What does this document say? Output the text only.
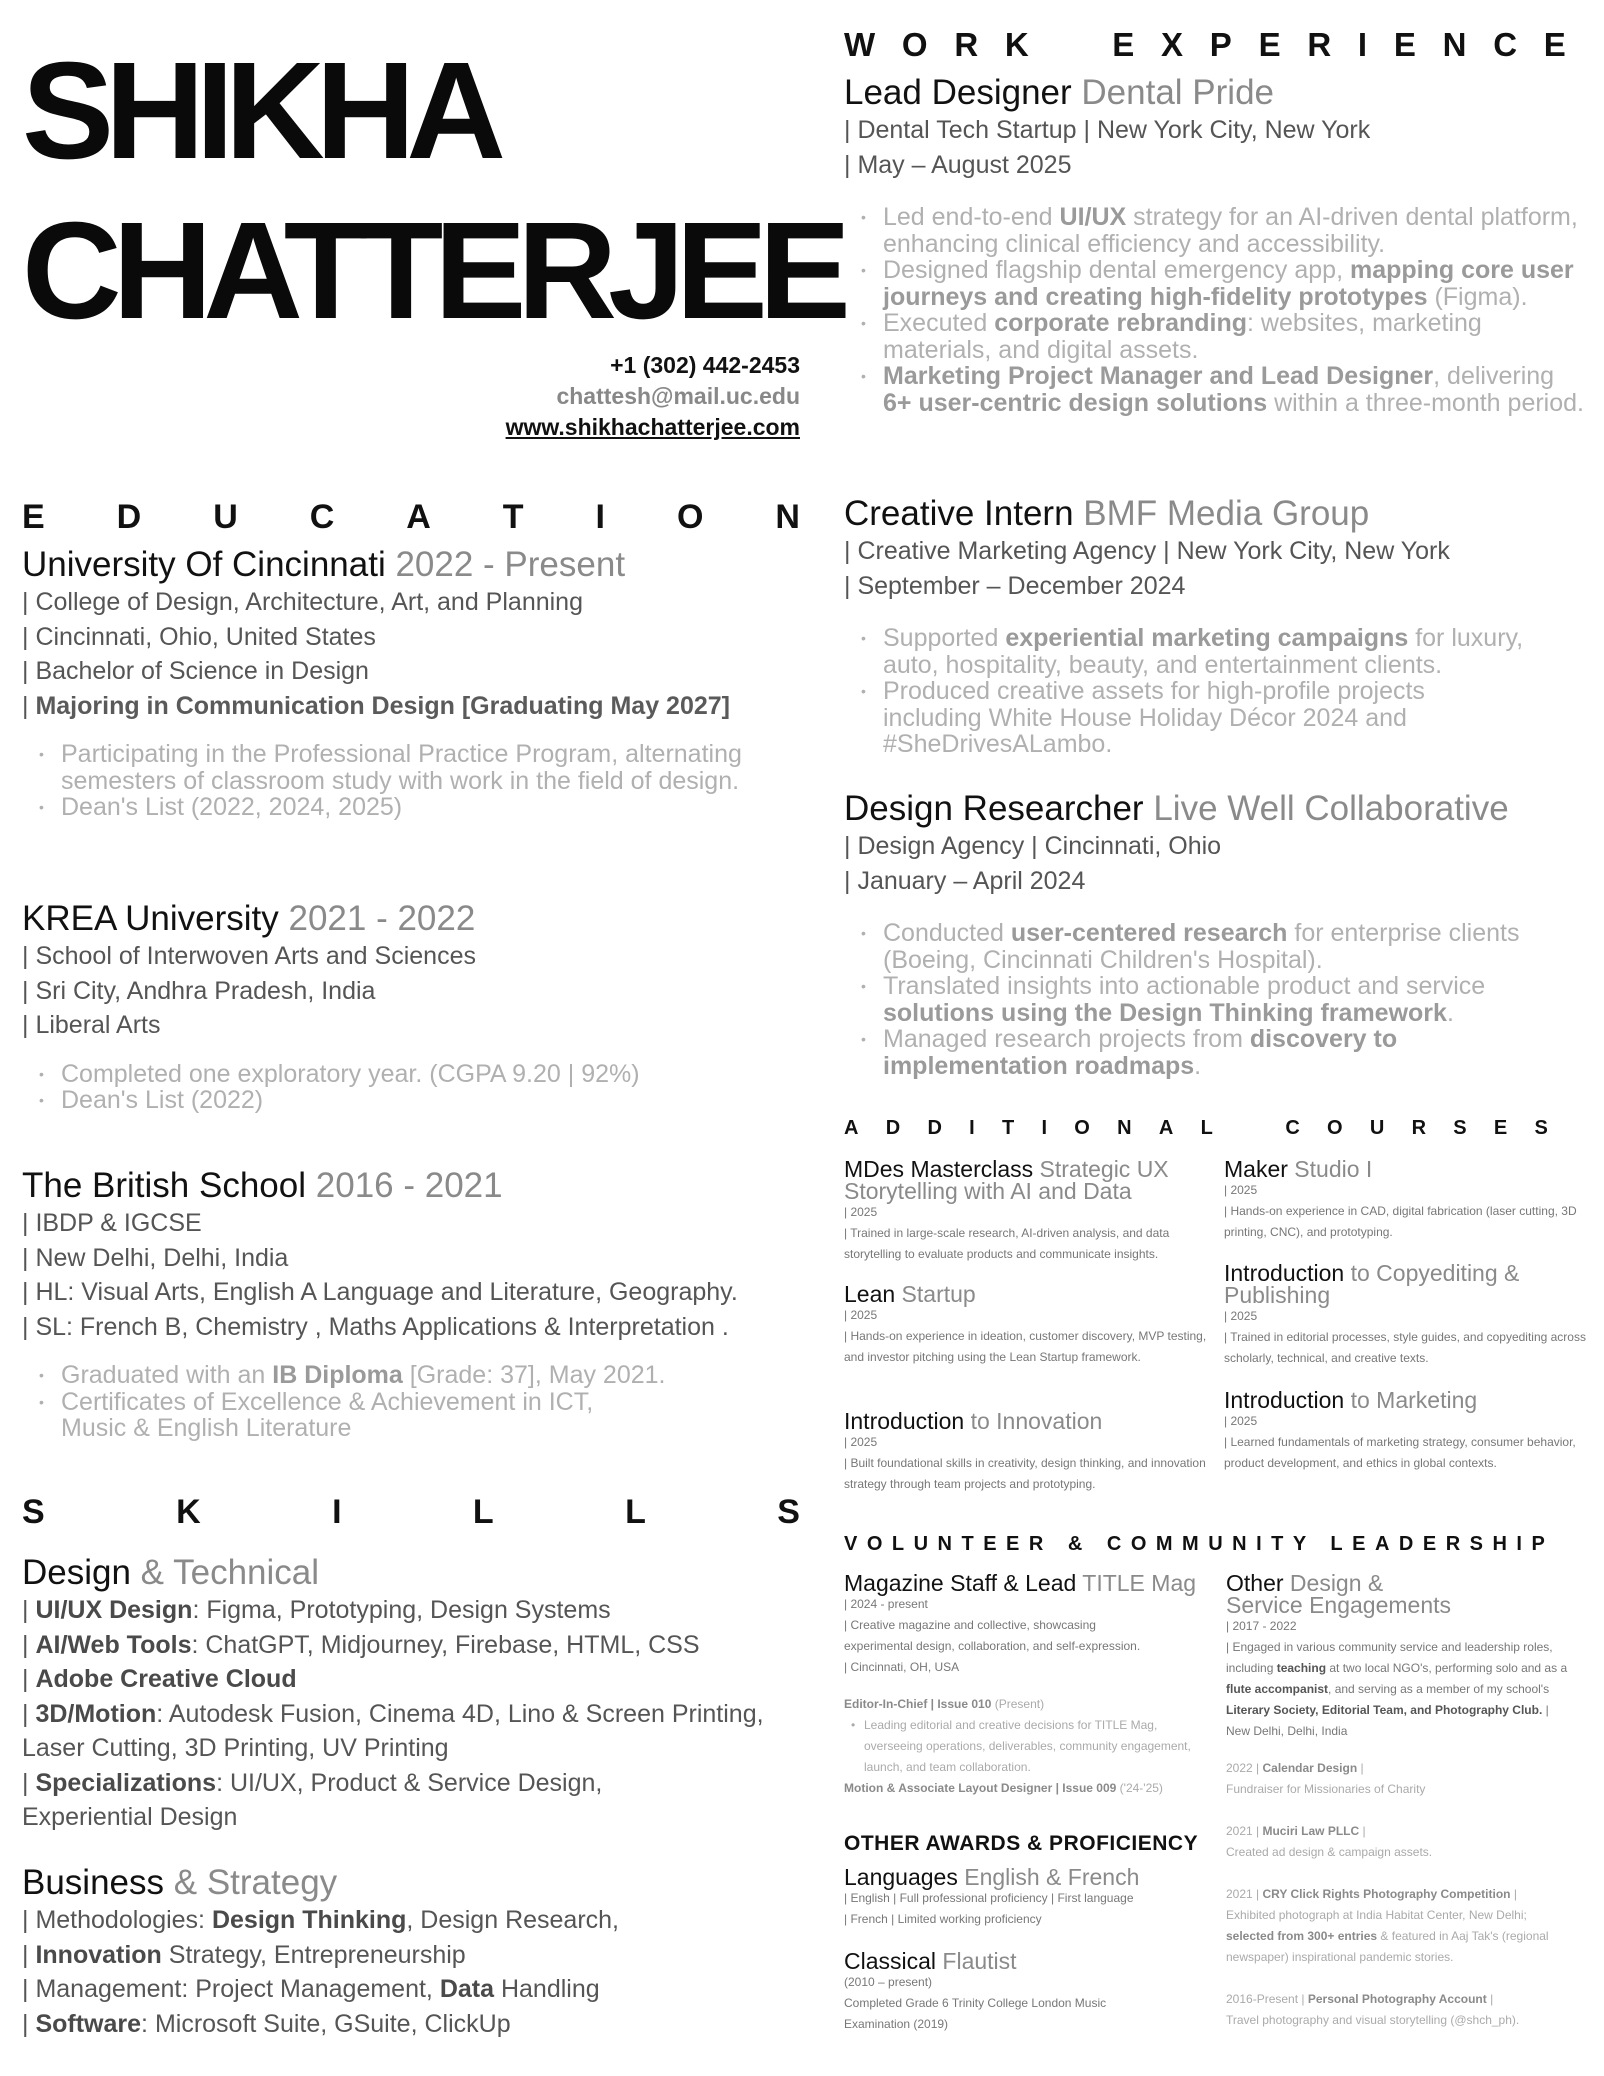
SHIKHA
CHATTERJEE
+1 (302) 442-2453
chattesh@mail.uc.edu
www.shikhachatterjee.com
E D U C A T I O N
University Of Cincinnati 2022 - Present
| College of Design, Architecture, Art, and Planning
| Cincinnati, Ohio, United States
| Bachelor of Science in Design
| Majoring in Communication Design [Graduating May 2027]
• Participating in the Professional Practice Program, alternating semesters of classroom study with work in the field of design.
• Dean's List (2022, 2024, 2025)
KREA University 2021 - 2022
| School of Interwoven Arts and Sciences
| Sri City, Andhra Pradesh, India
| Liberal Arts
• Completed one exploratory year. (CGPA 9.20 | 92%)
• Dean's List (2022)
The British School 2016 - 2021
| IBDP & IGCSE
| New Delhi, Delhi, India
| HL: Visual Arts, English A Language and Literature, Geography.
| SL: French B, Chemistry , Maths Applications & Interpretation .
• Graduated with an IB Diploma [Grade: 37], May 2021.
• Certificates of Excellence & Achievement in ICT, Music & English Literature
S	K	I	L	L	S
Design & Technical
| UI/UX Design: Figma, Prototyping, Design Systems
| AI/Web Tools: ChatGPT, Midjourney, Firebase, HTML, CSS
| Adobe Creative Cloud
| 3D/Motion: Autodesk Fusion, Cinema 4D, Lino & Screen Printing, Laser Cutting, 3D Printing, UV Printing
| Specializations: UI/UX, Product & Service Design, Experiential Design
Business & Strategy
| Methodologies: Design Thinking, Design Research,
| Innovation Strategy, Entrepreneurship
| Management: Project Management, Data Handling
| Software: Microsoft Suite, GSuite, ClickUp
W O R K	E X P E R I E N C E
Lead Designer Dental Pride
| Dental Tech Startup | New York City, New York
| May – August 2025
• Led end-to-end UI/UX strategy for an AI-driven dental platform, enhancing clinical efficiency and accessibility.
• Designed flagship dental emergency app, mapping core user journeys and creating high-fidelity prototypes (Figma).
• Executed corporate rebranding: websites, marketing materials, and digital assets.
• Marketing Project Manager and Lead Designer, delivering 6+ user-centric design solutions within a three-month period.
Creative Intern BMF Media Group
| Creative Marketing Agency | New York City, New York
| September – December 2024
• Supported experiential marketing campaigns for luxury, auto, hospitality, beauty, and entertainment clients.
• Produced creative assets for high-profile projects including White House Holiday Décor 2024 and #SheDrivesALambo.
Design Researcher Live Well Collaborative
| Design Agency | Cincinnati, Ohio
| January – April 2024
• Conducted user-centered research for enterprise clients (Boeing, Cincinnati Children's Hospital).
• Translated insights into actionable product and service solutions using the Design Thinking framework.
• Managed research projects from discovery to implementation roadmaps.
A D D I T I O N A L	C O U R S E S
MDes Masterclass Strategic UX Storytelling with AI and Data
| 2025
| Trained in large-scale research, AI-driven analysis, and data storytelling to evaluate products and communicate insights.
Lean Startup
| 2025
| Hands-on experience in ideation, customer discovery, MVP testing, and investor pitching using the Lean Startup framework.
Introduction to Innovation
| 2025
| Built foundational skills in creativity, design thinking, and innovation strategy through team projects and prototyping.
Maker Studio I
| 2025
| Hands-on experience in CAD, digital fabrication (laser cutting, 3D printing, CNC), and prototyping.
Introduction to Copyediting & Publishing
| 2025
| Trained in editorial processes, style guides, and copyediting across scholarly, technical, and creative texts.
Introduction to Marketing
| 2025
| Learned fundamentals of marketing strategy, consumer behavior, product development, and ethics in global contexts.
VOLUNTEER & COMMUNITY LEADERSHIP
Magazine Staff & Lead TITLE Mag
| 2024 - present
| Creative magazine and collective, showcasing experimental design, collaboration, and self-expression.
| Cincinnati, OH, USA
Editor-In-Chief | Issue 010 (Present)
• Leading editorial and creative decisions for TITLE Mag, overseeing operations, deliverables, community engagement, launch, and team collaboration.
Motion & Associate Layout Designer | Issue 009 ('24-'25)
OTHER AWARDS & PROFICIENCY
Languages English & French
| English | Full professional proficiency | First language
| French | Limited working proficiency
Classical Flautist
(2010 – present)
Completed Grade 6 Trinity College London Music Examination (2019)
Other Design & Service Engagements
| 2017 - 2022
| Engaged in various community service and leadership roles, including teaching at two local NGO's, performing solo and as a flute accompanist, and serving as a member of my school's Literary Society, Editorial Team, and Photography Club. | New Delhi, Delhi, India
2022 | Calendar Design |
Fundraiser for Missionaries of Charity
2021 | Muciri Law PLLC |
Created ad design & campaign assets.
2021 | CRY Click Rights Photography Competition |
Exhibited photograph at India Habitat Center, New Delhi;
selected from 300+ entries & featured in Aaj Tak's (regional newspaper) inspirational pandemic stories.
2016-Present | Personal Photography Account |
Travel photography and visual storytelling (@shch_ph).
